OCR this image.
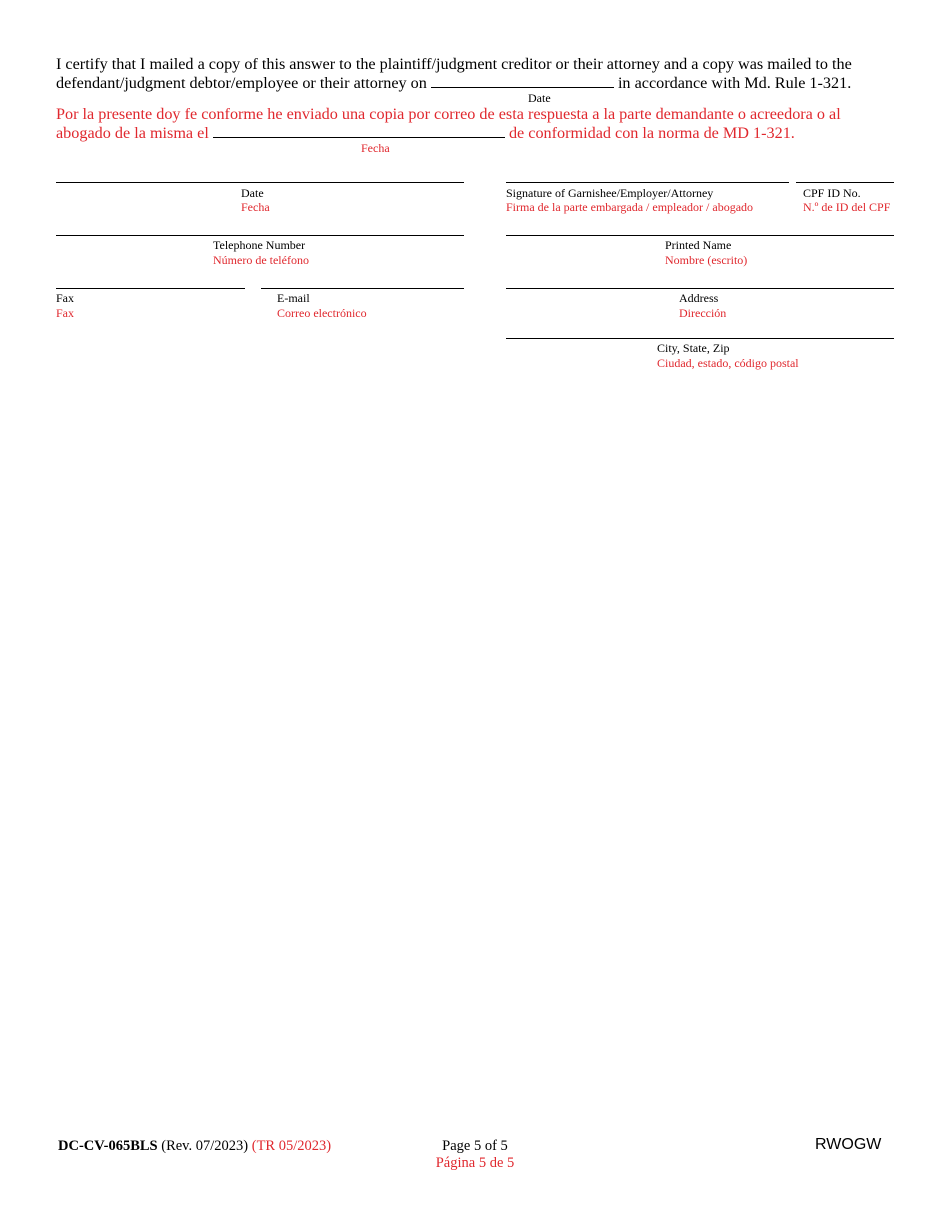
I certify that I mailed a copy of this answer to the plaintiff/judgment creditor or their attorney and a copy was mailed to the
defendant/judgment debtor/employee or their attorney on	in accordance with Md. Rule 1-321.
Date
Por la presente doy fe conforme he enviado una copia por correo de esta respuesta a la parte demandante o acreedora o al
abogado de la misma el	de conformidad con la norma de MD 1-321.
Fecha
Date
Fecha
Signature of Garnishee/Employer/Attorney
Firma de la parte embargada / empleador / abogado
CPF ID No.
N.º de ID del CPF
Telephone Number
Número de teléfono
Printed Name
Nombre (escrito)
Fax
Fax
E-mail
Correo electrónico
Address
Dirección
City, State, Zip
Ciudad, estado, código postal
DC-CV-065BLS (Rev. 07/2023) (TR 05/2023)	Page 5 of 5
Página 5 de 5
RWOGW
